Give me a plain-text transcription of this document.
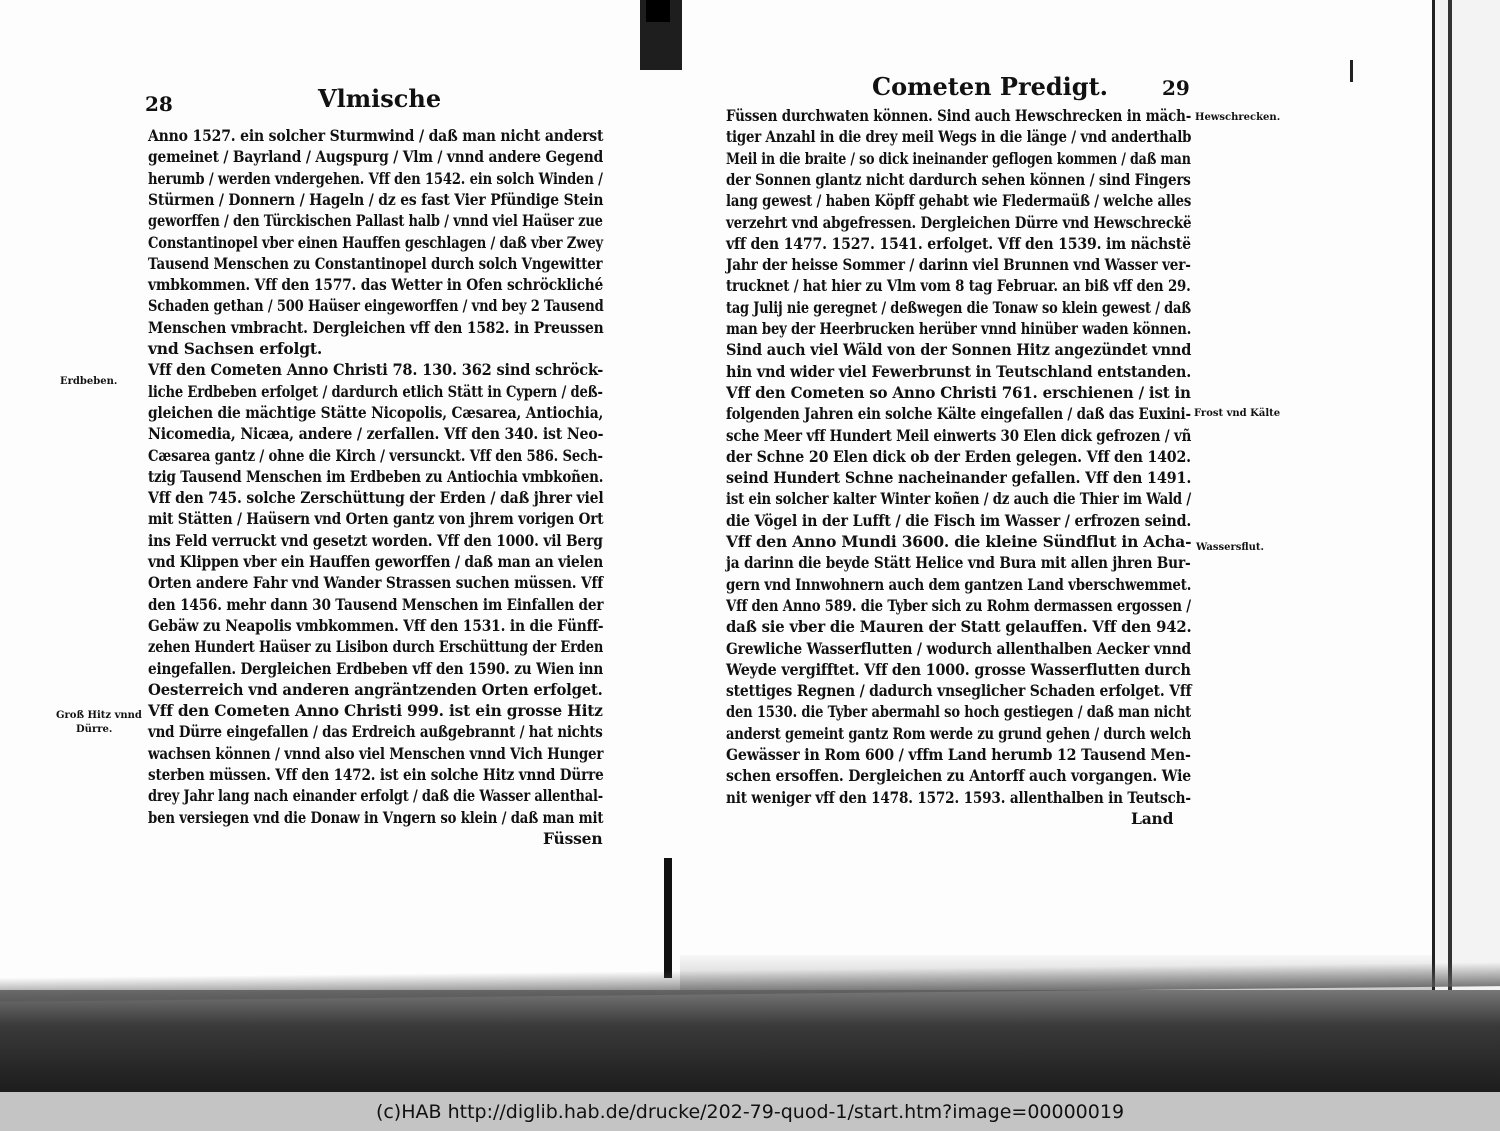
28	Vlmische
Anno 1527. ein solcher Sturmwind / daß man nicht anderst
gemeinet / Bayrland / Augspurg / Vlm / vnnd andere Gegend
herumb / werden vndergehen. Vff den 1542. ein solch Winden /
Stürmen / Donnern / Hageln / dz es fast Vier Pfündige Stein
geworffen / den Türckischen Pallast halb / vnnd viel Haüser zue
Constantinopel vber einen Hauffen geschlagen / daß vber Zwey
Tausend Menschen zu Constantinopel durch solch Vngewitter
vmbkommen. Vff den 1577. das Wetter in Ofen schröckliché
Schaden gethan / 500 Haüser eingeworffen / vnd bey 2 Tausend
Menschen vmbracht. Dergleichen vff den 1582. in Preussen
vnd Sachsen erfolgt.
Vff den Cometen Anno Christi 78. 130. 362 sind schröck-
liche Erdbeben erfolget / dardurch etlich Stätt in Cypern / deß-
gleichen die mächtige Stätte Nicopolis, Cæsarea, Antiochia,
Nicomedia, Nicæa, andere / zerfallen. Vff den 340. ist Neo-
Cæsarea gantz / ohne die Kirch / versunckt. Vff den 586. Sech-
tzig Tausend Menschen im Erdbeben zu Antiochia vmbkoñen.
Vff den 745. solche Zerschüttung der Erden / daß jhrer viel
mit Stätten / Haüsern vnd Orten gantz von jhrem vorigen Ort
ins Feld verruckt vnd gesetzt worden. Vff den 1000. vil Berg
vnd Klippen vber ein Hauffen geworffen / daß man an vielen
Orten andere Fahr vnd Wander Strassen suchen müssen. Vff
den 1456. mehr dann 30 Tausend Menschen im Einfallen der
Gebäw zu Neapolis vmbkommen. Vff den 1531. in die Fünff-
zehen Hundert Haüser zu Lisibon durch Erschüttung der Erden
eingefallen. Dergleichen Erdbeben vff den 1590. zu Wien inn
Oesterreich vnd anderen angräntzenden Orten erfolget.
Vff den Cometen Anno Christi 999. ist ein grosse Hitz
vnd Dürre eingefallen / das Erdreich außgebrannt / hat nichts
wachsen können / vnnd also viel Menschen vnnd Vich Hunger
sterben müssen. Vff den 1472. ist ein solche Hitz vnnd Dürre
drey Jahr lang nach einander erfolgt / daß die Wasser allenthal-
ben versiegen vnd die Donaw in Vngern so klein / daß man mit
Füssen
Erdbeben.
Groß Hitz vnnd
Dürre.
Cometen Predigt.	29
Füssen durchwaten können. Sind auch Hewschrecken in mäch-
tiger Anzahl in die drey meil Wegs in die länge / vnd anderthalb
Meil in die braite / so dick ineinander geflogen kommen / daß man
der Sonnen glantz nicht dardurch sehen können / sind Fingers
lang gewest / haben Köpff gehabt wie Fledermaüß / welche alles
verzehrt vnd abgefressen. Dergleichen Dürre vnd Hewschreckë
vff den 1477. 1527. 1541. erfolget. Vff den 1539. im nächstë
Jahr der heisse Sommer / darinn viel Brunnen vnd Wasser ver-
trucknet / hat hier zu Vlm vom 8 tag Februar. an biß vff den 29.
tag Julij nie geregnet / deßwegen die Tonaw so klein gewest / daß
man bey der Heerbrucken herüber vnnd hinüber waden können.
Sind auch viel Wäld von der Sonnen Hitz angezündet vnnd
hin vnd wider viel Fewerbrunst in Teutschland entstanden.
Vff den Cometen so Anno Christi 761. erschienen / ist in
folgenden Jahren ein solche Kälte eingefallen / daß das Euxini-
sche Meer vff Hundert Meil einwerts 30 Elen dick gefrozen / vñ
der Schne 20 Elen dick ob der Erden gelegen. Vff den 1402.
seind Hundert Schne nacheinander gefallen. Vff den 1491.
ist ein solcher kalter Winter koñen / dz auch die Thier im Wald /
die Vögel in der Lufft / die Fisch im Wasser / erfrozen seind.
Vff den Anno Mundi 3600. die kleine Sündflut in Acha-
ja darinn die beyde Stätt Helice vnd Bura mit allen jhren Bur-
gern vnd Innwohnern auch dem gantzen Land vberschwemmet.
Vff den Anno 589. die Tyber sich zu Rohm dermassen ergossen /
daß sie vber die Mauren der Statt gelauffen. Vff den 942.
Grewliche Wasserflutten / wodurch allenthalben Aecker vnnd
Weyde vergifftet. Vff den 1000. grosse Wasserflutten durch
stettiges Regnen / dadurch vnseglicher Schaden erfolget. Vff
den 1530. die Tyber abermahl so hoch gestiegen / daß man nicht
anderst gemeint gantz Rom werde zu grund gehen / durch welch
Gewässer in Rom 600 / vffm Land herumb 12 Tausend Men-
schen ersoffen. Dergleichen zu Antorff auch vorgangen. Wie
nit weniger vff den 1478. 1572. 1593. allenthalben in Teutsch-
Land
Hewschrecken.
Frost vnd Kälte
Wassersflut.
(c)HAB http://diglib.hab.de/drucke/202-79-quod-1/start.htm?image=00000019
